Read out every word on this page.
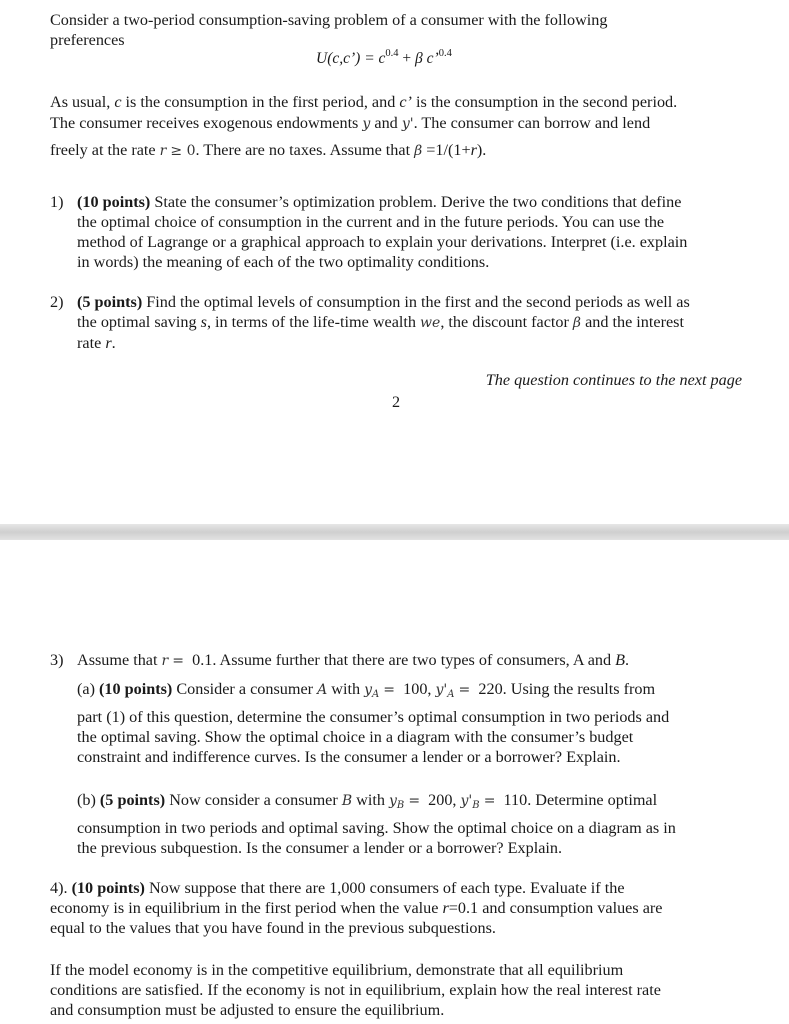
Consider a two-period consumption-saving problem of a consumer with the following
preferences
U(c,c’) = $c^{0.4} + \beta$ c’$^{0.4}$
As usual, c is the consumption in the first period, and c’ is the consumption in the second period.
The consumer receives exogenous endowments y and y'. The consumer can borrow and lend
freely at the rate r ≥ 0. There are no taxes. Assume that β =1/(1+r).
1) (10 points) State the consumer’s optimization problem. Derive the two conditions that define
the optimal choice of consumption in the current and in the future periods. You can use the
method of Lagrange or a graphical approach to explain your derivations. Interpret (i.e. explain
in words) the meaning of each of the two optimality conditions.
2) (5 points) Find the optimal levels of consumption in the first and the second periods as well as
the optimal saving s, in terms of the life-time wealth we, the discount factor β and the interest
rate r.
The question continues to the next page
2
3) Assume that r = 0.1. Assume further that there are two types of consumers, A and B.
(a) (10 points) Consider a consumer A with $y_A = 100$, $y'_A = 220$. Using the results from
part (1) of this question, determine the consumer’s optimal consumption in two periods and
the optimal saving. Show the optimal choice in a diagram with the consumer’s budget
constraint and indifference curves. Is the consumer a lender or a borrower? Explain.
(b) (5 points) Now consider a consumer B with $y_B = 200$, $y'_B = 110$. Determine optimal
consumption in two periods and optimal saving. Show the optimal choice on a diagram as in
the previous subquestion. Is the consumer a lender or a borrower? Explain.
4). (10 points) Now suppose that there are 1,000 consumers of each type. Evaluate if the
economy is in equilibrium in the first period when the value r=0.1 and consumption values are
equal to the values that you have found in the previous subquestions.
If the model economy is in the competitive equilibrium, demonstrate that all equilibrium
conditions are satisfied. If the economy is not in equilibrium, explain how the real interest rate
and consumption must be adjusted to ensure the equilibrium.
